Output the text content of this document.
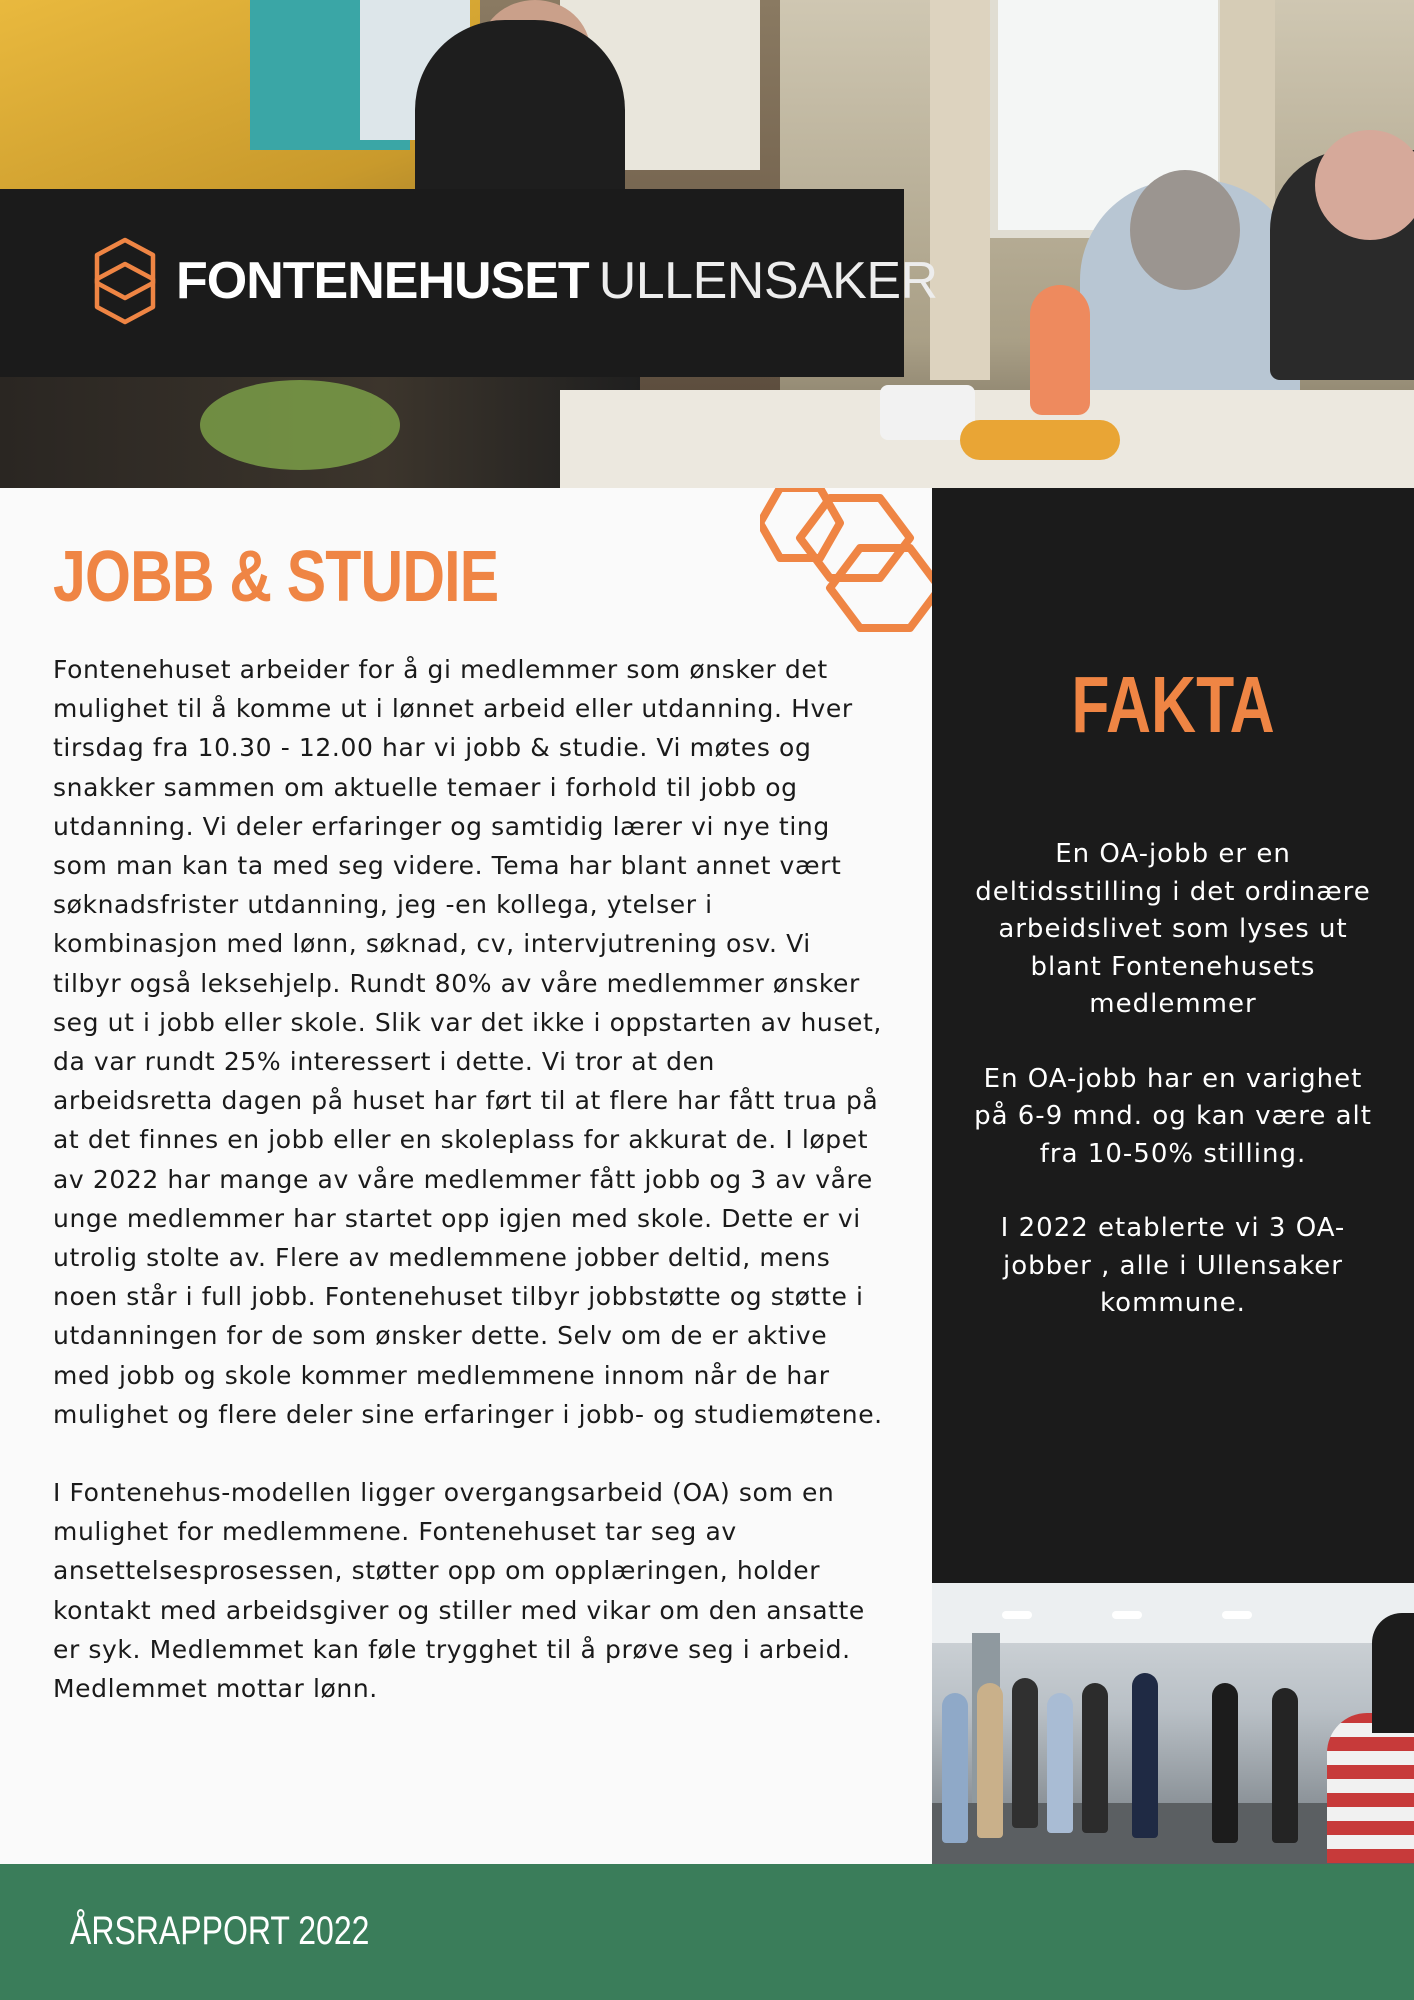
FONTENEHUSET ULLENSAKER
JOBB & STUDIE

Fontenehuset arbeider for å gi medlemmer som ønsker det mulighet til å komme ut i lønnet arbeid eller utdanning. Hver tirsdag fra 10.30 - 12.00 har vi jobb & studie. Vi møtes og snakker sammen om aktuelle temaer i forhold til jobb og utdanning. Vi deler erfaringer og samtidig lærer vi nye ting som man kan ta med seg videre. Tema har blant annet vært søknadsfrister utdanning, jeg -en kollega, ytelser i kombinasjon med lønn, søknad, cv, intervjutrening osv. Vi tilbyr også leksehjelp. Rundt 80% av våre medlemmer ønsker seg ut i jobb eller skole. Slik var det ikke i oppstarten av huset, da var rundt 25% interessert i dette. Vi tror at den arbeidsretta dagen på huset har ført til at flere har fått trua på at det finnes en jobb eller en skoleplass for akkurat de. I løpet av 2022 har mange av våre medlemmer fått jobb og 3 av våre unge medlemmer har startet opp igjen med skole. Dette er vi utrolig stolte av. Flere av medlemmene jobber deltid, mens noen står i full jobb. Fontenehuset tilbyr jobbstøtte og støtte i utdanningen for de som ønsker dette. Selv om de er aktive med jobb og skole kommer medlemmene innom når de har mulighet og flere deler sine erfaringer i jobb- og studiemøtene.

I Fontenehus-modellen ligger overgangsarbeid (OA) som en mulighet for medlemmene. Fontenehuset tar seg av ansettelsesprosessen, støtter opp om opplæringen, holder kontakt med arbeidsgiver og stiller med vikar om den ansatte er syk. Medlemmet kan føle trygghet til å prøve seg i arbeid. Medlemmet mottar lønn.

FAKTA

En OA-jobb er en deltidsstilling i det ordinære arbeidslivet som lyses ut blant Fontenehusets medlemmer

En OA-jobb har en varighet på 6-9 mnd. og kan være alt fra 10-50% stilling.

I 2022 etablerte vi 3 OA-jobber , alle i Ullensaker kommune.

ÅRSRAPPORT 2022
